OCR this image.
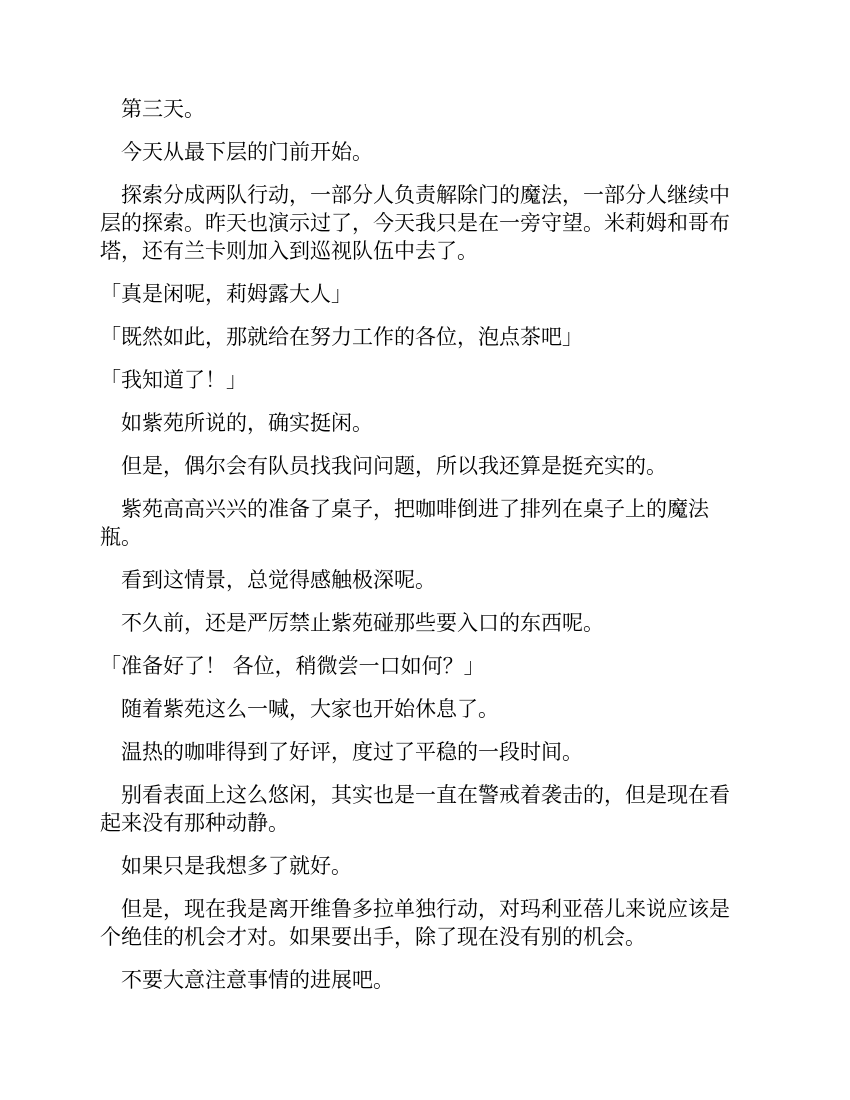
第三天。

今天从最下层的门前开始。

探索分成两队行动，一部分人负责解除门的魔法，一部分人继续中层的探索。昨天也演示过了，今天我只是在一旁守望。米莉姆和哥布塔，还有兰卡则加入到巡视队伍中去了。

「真是闲呢，莉姆露大人」

「既然如此，那就给在努力工作的各位，泡点茶吧」

「我知道了！」

如紫苑所说的，确实挺闲。

但是，偶尔会有队员找我问问题，所以我还算是挺充实的。

紫苑高高兴兴的准备了桌子，把咖啡倒进了排列在桌子上的魔法瓶。

看到这情景，总觉得感触极深呢。

不久前，还是严厉禁止紫苑碰那些要入口的东西呢。

「准备好了！ 各位，稍微尝一口如何？」

随着紫苑这么一喊，大家也开始休息了。

温热的咖啡得到了好评，度过了平稳的一段时间。

别看表面上这么悠闲，其实也是一直在警戒着袭击的，但是现在看起来没有那种动静。

如果只是我想多了就好。

但是，现在我是离开维鲁多拉单独行动，对玛利亚蓓儿来说应该是个绝佳的机会才对。如果要出手，除了现在没有别的机会。

不要大意注意事情的进展吧。
